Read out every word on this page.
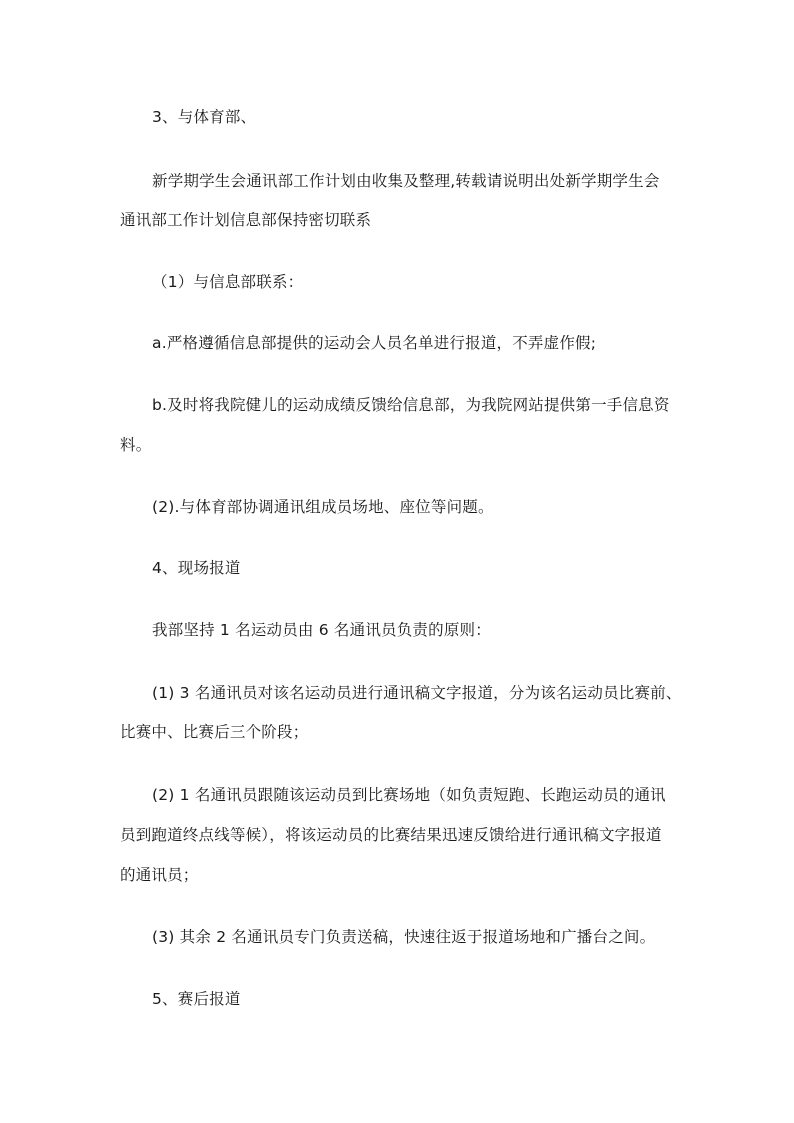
3、与体育部、
新学期学生会通讯部工作计划由收集及整理,转载请说明出处新学期学生会
通讯部工作计划信息部保持密切联系
（1）与信息部联系：
a.严格遵循信息部提供的运动会人员名单进行报道，不弄虚作假;
b.及时将我院健儿的运动成绩反馈给信息部，为我院网站提供第一手信息资
料。
(2).与体育部协调通讯组成员场地、座位等问题。
4、现场报道
我部坚持 1 名运动员由 6 名通讯员负责的原则：
(1) 3 名通讯员对该名运动员进行通讯稿文字报道，分为该名运动员比赛前、
比赛中、比赛后三个阶段；
(2) 1 名通讯员跟随该运动员到比赛场地（如负责短跑、长跑运动员的通讯
员到跑道终点线等候），将该运动员的比赛结果迅速反馈给进行通讯稿文字报道
的通讯员；
(3) 其余 2 名通讯员专门负责送稿，快速往返于报道场地和广播台之间。
5、赛后报道
